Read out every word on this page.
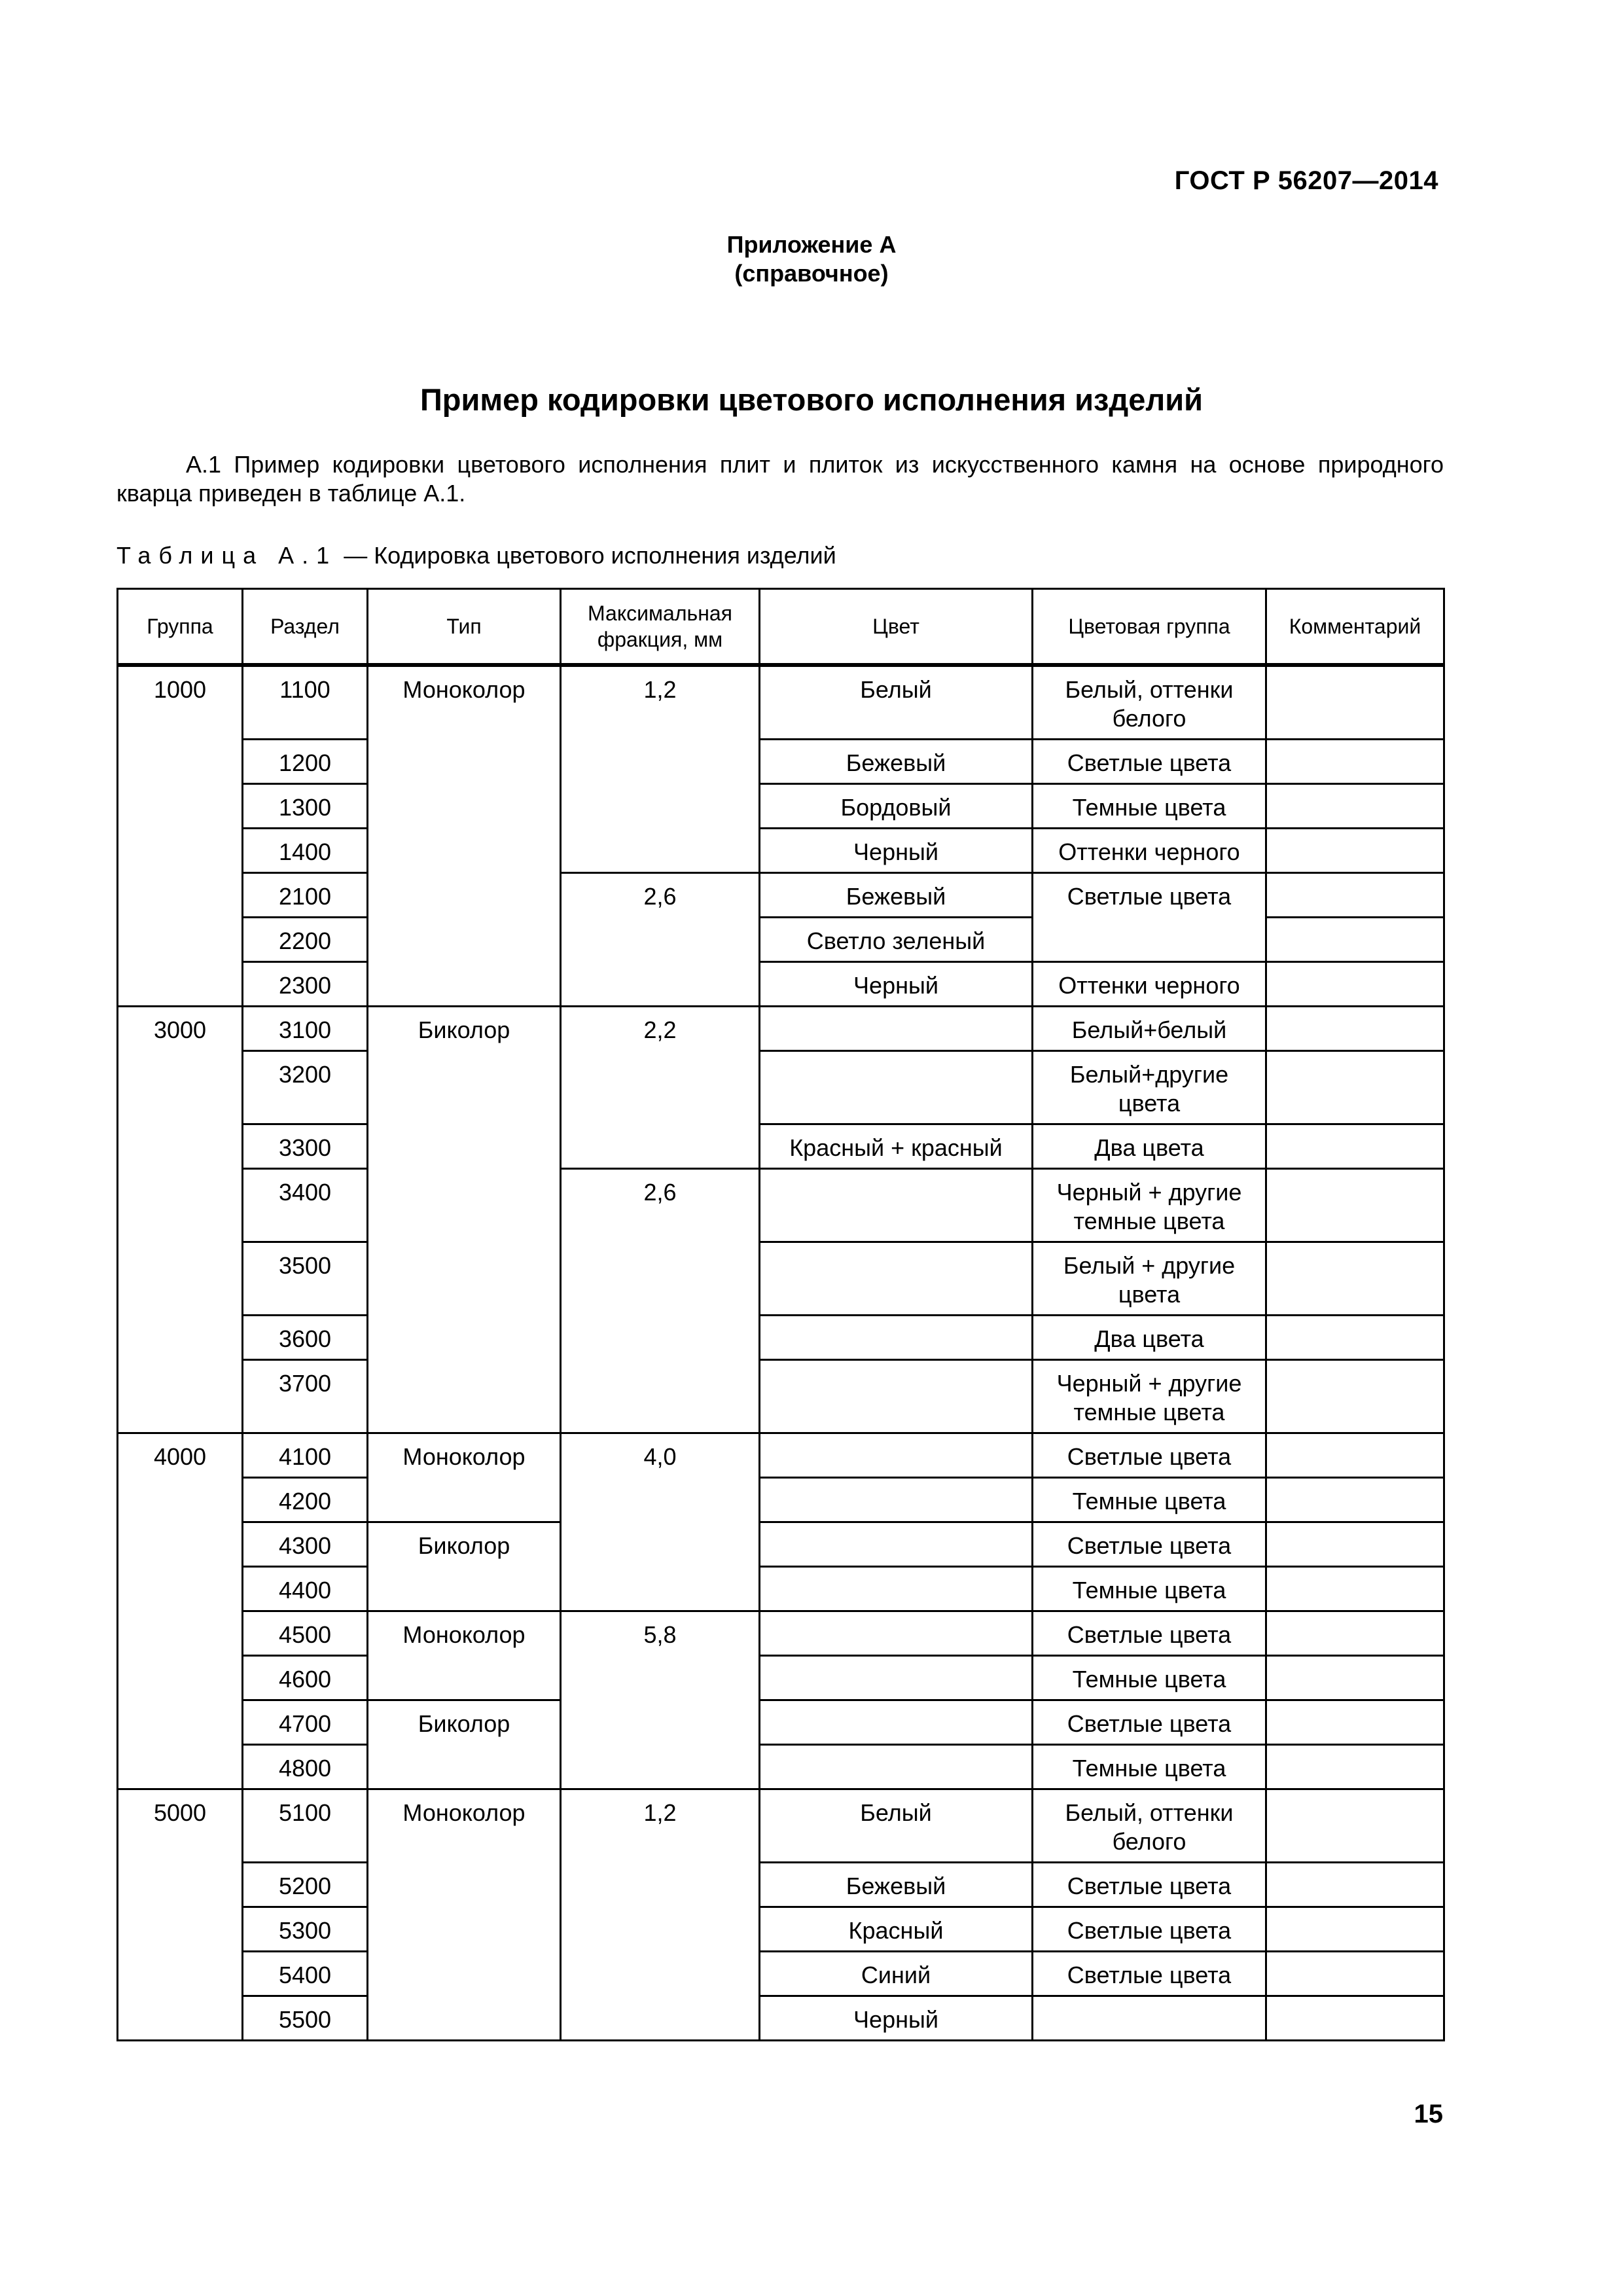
ГОСТ Р 56207—2014
Приложение А
(справочное)
Пример кодировки цветового исполнения изделий
А.1 Пример кодировки цветового исполнения плит и плиток из искусственного камня на основе природного кварца приведен в таблице А.1.
Таблица А.1 — Кодировка цветового исполнения изделий
Группа	Раздел	Тип	Максимальная фракция, мм	Цвет	Цветовая группа	Комментарий
1000	1100	Моноколор	1,2	Белый	Белый, оттенки белого	
	1200			Бежевый	Светлые цвета	
	1300			Бордовый	Темные цвета	
	1400			Черный	Оттенки черного	
	2100		2,6	Бежевый	Светлые цвета	
	2200			Светло зеленый		
	2300			Черный	Оттенки черного	
3000	3100	Биколор	2,2		Белый+белый	
	3200				Белый+другие цвета	
	3300			Красный + красный	Два цвета	
	3400		2,6		Черный + другие темные цвета	
	3500				Белый + другие цвета	
	3600				Два цвета	
	3700				Черный + другие темные цвета	
4000	4100	Моноколор	4,0		Светлые цвета	
	4200				Темные цвета	
	4300	Биколор			Светлые цвета	
	4400				Темные цвета	
	4500	Моноколор	5,8		Светлые цвета	
	4600				Темные цвета	
	4700	Биколор			Светлые цвета	
	4800				Темные цвета	
5000	5100	Моноколор	1,2	Белый	Белый, оттенки белого	
	5200			Бежевый	Светлые цвета	
	5300			Красный	Светлые цвета	
	5400			Синий	Светлые цвета	
	5500			Черный		
15
